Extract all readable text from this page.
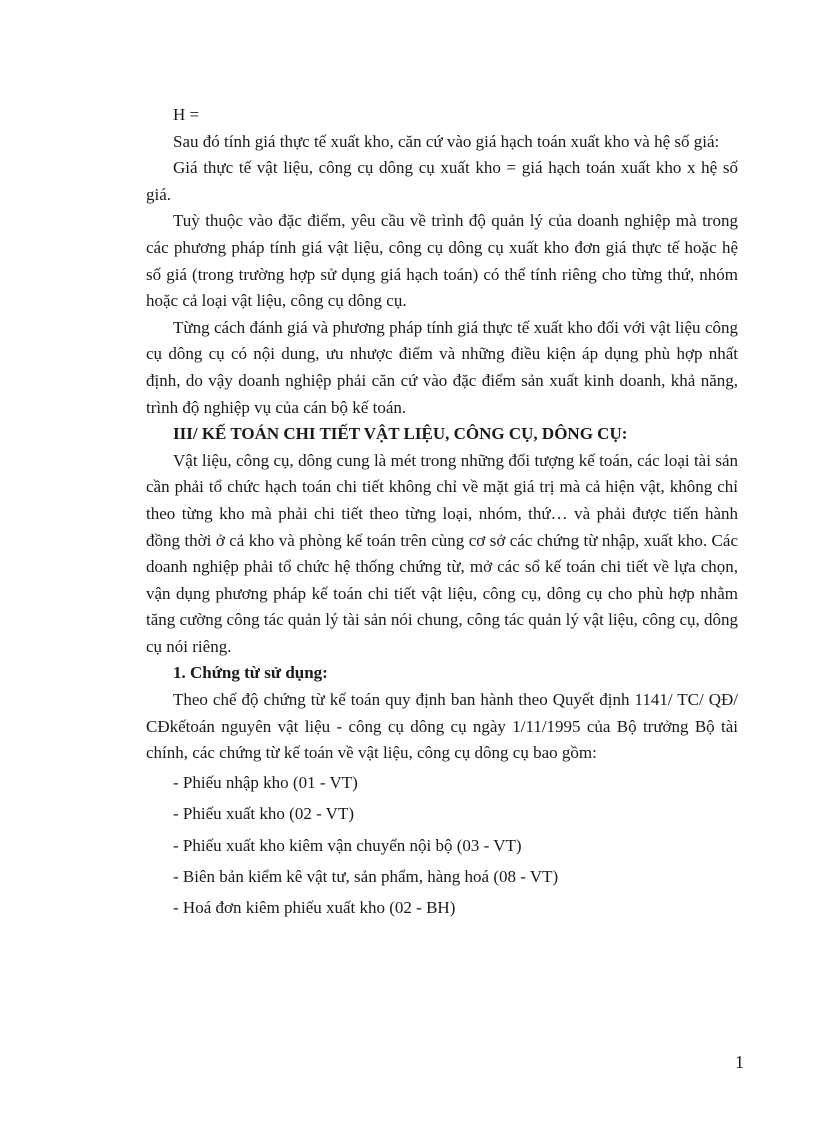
H =

Sau đó tính giá thực tế xuất kho, căn cứ vào giá hạch toán xuất kho và hệ số giá:

Giá thực tế vật liệu, công cụ dông cụ xuất kho = giá hạch toán xuất kho x hệ số giá.

Tuỳ thuộc vào đặc điểm, yêu cầu về trình độ quản lý của doanh nghiệp mà trong các phương pháp tính giá vật liệu, công cụ dông cụ xuất kho đơn giá thực tế hoặc hệ số giá (trong trường hợp sử dụng giá hạch toán) có thể tính riêng cho từng thứ, nhóm hoặc cả loại vật liệu, công cụ dông cụ.

Từng cách đánh giá và phương pháp tính giá thực tế xuất kho đối với vật liệu công cụ dông cụ có nội dung, ưu nhược điểm và những điều kiện áp dụng phù hợp nhất định, do vậy doanh nghiệp phải căn cứ vào đặc điểm sản xuất kinh doanh, khả năng, trình độ nghiệp vụ của cán bộ kế toán.

III/ KẾ TOÁN CHI TIẾT VẬT LIỆU, CÔNG CỤ, DÔNG CỤ:

Vật liệu, công cụ, dông cung là mét trong những đối tượng kế toán, các loại tài sản cần phải tổ chức hạch toán chi tiết không chỉ về mặt giá trị mà cả hiện vật, không chỉ theo từng kho mà phải chi tiết theo từng loại, nhóm, thứ… và phải được tiến hành đồng thời ở cả kho và phòng kế toán trên cùng cơ sở các chứng từ nhập, xuất kho. Các doanh nghiệp phải tổ chức hệ thống chứng từ, mở các sổ kế toán chi tiết về lựa chọn, vận dụng phương pháp kế toán chi tiết vật liệu, công cụ, dông cụ cho phù hợp nhằm tăng cường công tác quản lý tài sản nói chung, công tác quản lý vật liệu, công cụ, dông cụ nói riêng.

1. Chứng từ sử dụng:

Theo chế độ chứng từ kế toán quy định ban hành theo Quyết định 1141/ TC/ QĐ/ CĐkếtoán nguyên vật liệu - công cụ dông cụ ngày 1/11/1995 của Bộ trưởng Bộ tài chính, các chứng từ kế toán về vật liệu, công cụ dông cụ bao gồm:

- Phiếu nhập kho (01 - VT)

- Phiếu xuất kho (02 - VT)

- Phiếu xuất kho kiêm vận chuyển nội bộ (03 - VT)

- Biên bản kiểm kê vật tư, sản phẩm, hàng hoá (08 - VT)

- Hoá đơn kiêm phiếu xuất kho (02 - BH)

1
